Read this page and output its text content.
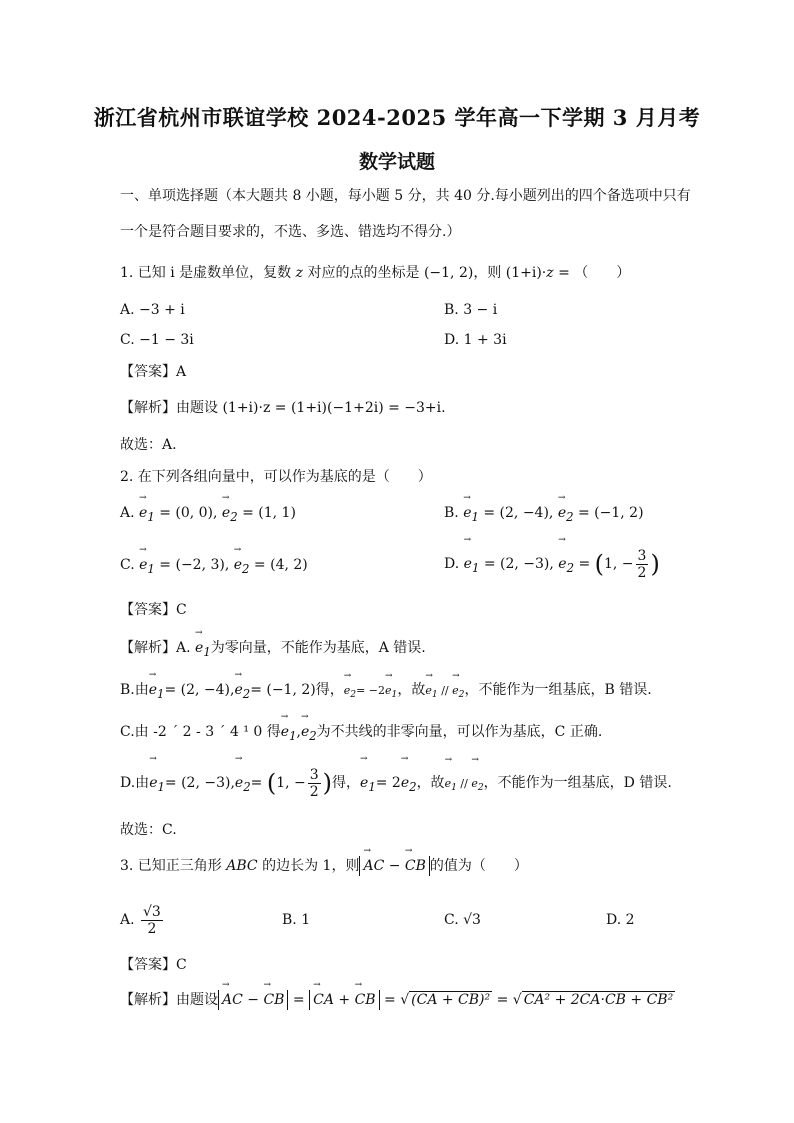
浙江省杭州市联谊学校 2024-2025 学年高一下学期 3 月月考
数学试题
一、单项选择题（本大题共 8 小题，每小题 5 分，共 40 分.每小题列出的四个备选项中只有
一个是符合题目要求的，不选、多选、错选均不得分.）
1. 已知 i 是虚数单位，复数 z 对应的点的坐标是 (−1, 2)，则 (1+i)·z = （　　）
A. −3 + i	B. 3 − i
C. −1 − 3i	D. 1 + 3i
【答案】A
【解析】由题设 (1+i)·z = (1+i)(−1+2i) = −3+i.
故选：A.
2. 在下列各组向量中，可以作为基底的是（　　）
A. → $e_1 = (0$, 0), → $e_2 = (1$, 1)	B. → $e_1 = (2$, −4), → $e_2 = (-1$, 2)
C. → $e_1 = (-2$, 3), → $e_2 = (4$, 2)	D. → $e_1 = (2$, −3), → $e_2 = (1$, − $\frac{3}{2}$ )
【答案】C
【解析】A. → $e_1$为零向量，不能作为基底，A 错误.
B.由→ $e_1= (2$, $-4),\to e_2= (-1$, 2)得，→ $e_2= -2\to e_1$，故→ $e_1$ // → $e_2$，不能作为一组基底，B 错误.
C.由 -2 ´ 2 - 3 ´ 4 ¹ 0 得→ $e_1,\to e_2$为不共线的非零向量，可以作为基底，C 正确.
D.由→ $e_1= (2$, $-3),\to e_2= (1$, − $\frac{3}{2}$ )得，→ $e_1= 2\to e_2$，故→ $e_1$ // → $e_2$，不能作为一组基底，D 错误.
故选：C.
3. 已知正三角形 ABC 的边长为 1，则 → AC − → CB 的值为（　　）
A. $\frac{√3}{2}$	B. 1	C. √3	D. 2
【答案】C
【解析】由题设 → AC − → CB = → CA + → CB = √ (CA + CB)² = √ CA² + 2CA·CB + CB²
